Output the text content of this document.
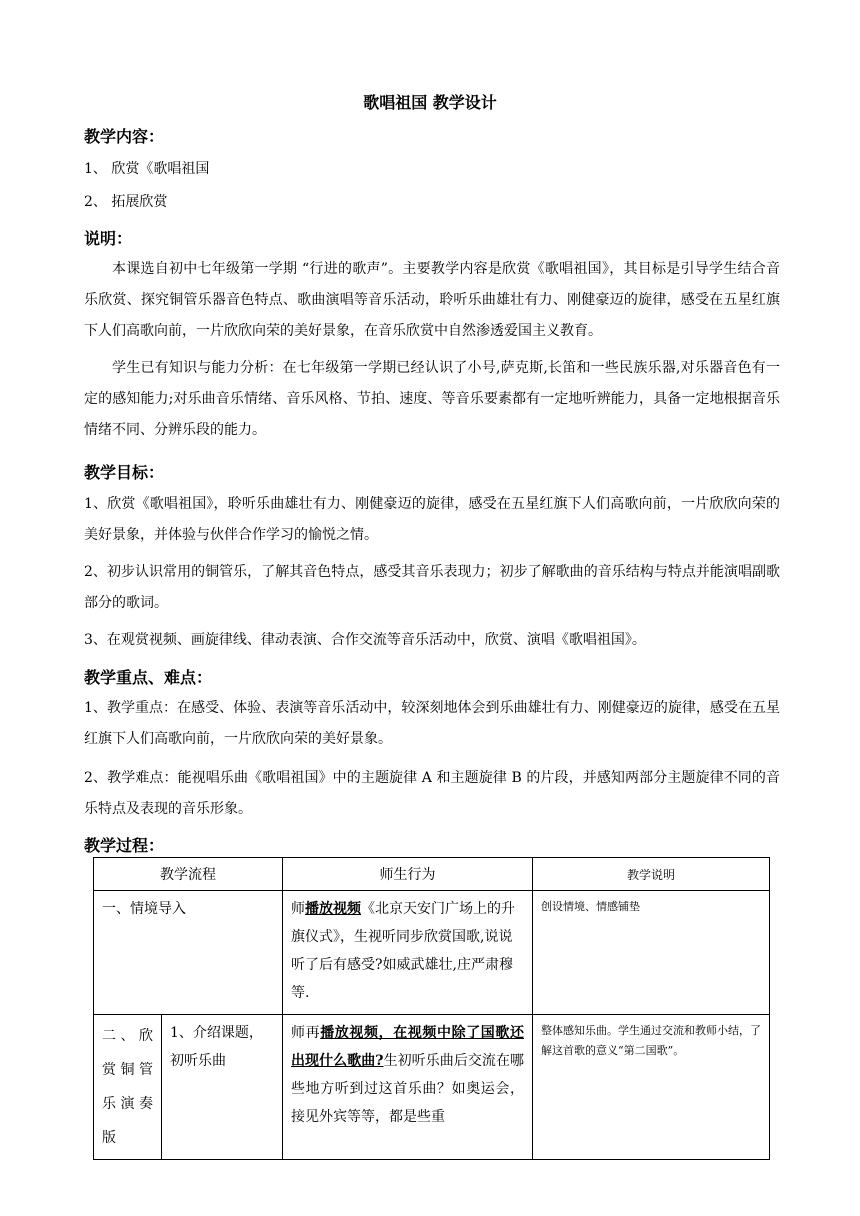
歌唱祖国 教学设计
教学内容：
1、 欣赏《歌唱祖国
2、 拓展欣赏
说明：
本课选自初中七年级第一学期 “行进的歌声”。主要教学内容是欣赏《歌唱祖国》，其目标是引导学生结合音乐欣赏、探究铜管乐器音色特点、歌曲演唱等音乐活动，聆听乐曲雄壮有力、刚健豪迈的旋律，感受在五星红旗下人们高歌向前，一片欣欣向荣的美好景象，在音乐欣赏中自然渗透爱国主义教育。
学生已有知识与能力分析：在七年级第一学期已经认识了小号,萨克斯,长笛和一些民族乐器,对乐器音色有一定的感知能力;对乐曲音乐情绪、音乐风格、节拍、速度、等音乐要素都有一定地听辨能力，具备一定地根据音乐情绪不同、分辨乐段的能力。
教学目标：
1、欣赏《歌唱祖国》，聆听乐曲雄壮有力、刚健豪迈的旋律，感受在五星红旗下人们高歌向前，一片欣欣向荣的美好景象，并体验与伙伴合作学习的愉悦之情。
2、初步认识常用的铜管乐，了解其音色特点，感受其音乐表现力；初步了解歌曲的音乐结构与特点并能演唱副歌部分的歌词。
3、在观赏视频、画旋律线、律动表演、合作交流等音乐活动中，欣赏、演唱《歌唱祖国》。
教学重点、难点：
1、教学重点：在感受、体验、表演等音乐活动中，较深刻地体会到乐曲雄壮有力、刚健豪迈的旋律，感受在五星红旗下人们高歌向前，一片欣欣向荣的美好景象。
2、教学难点：能视唱乐曲《歌唱祖国》中的主题旋律 A 和主题旋律 B 的片段，并感知两部分主题旋律不同的音乐特点及表现的音乐形象。
教学过程：
教学流程		师生行为	教学说明

一、情境导入		师播放视频《北京天安门广场上的升旗仪式》，生视听同步欣赏国歌,说说听了后有感受?如威武雄壮,庄严肃穆等.	创设情境、情感铺垫

二、欣赏铜管乐演奏版	1、介绍课题，初听乐曲	师再播放视频，在视频中除了国歌还出现什么歌曲?生初听乐曲后交流在哪些地方听到过这首乐曲？如奥运会，接见外宾等等，都是些重	整体感知乐曲。学生通过交流和教师小结，了解这首歌的意义“第二国歌”。
